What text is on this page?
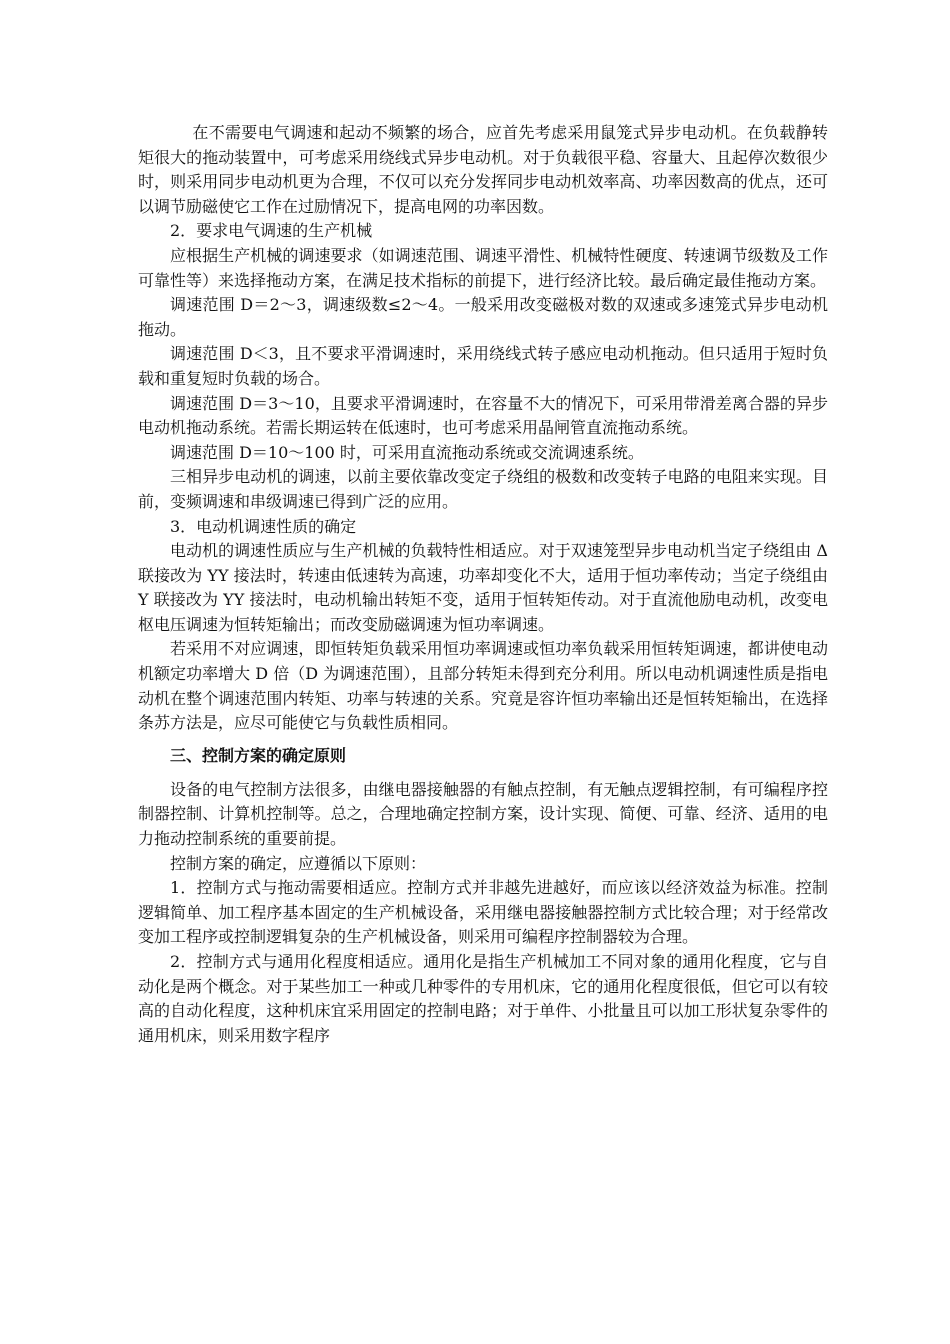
在不需要电气调速和起动不频繁的场合，应首先考虑采用鼠笼式异步电动机。在负载静转矩很大的拖动装置中，可考虑采用绕线式异步电动机。对于负载很平稳、容量大、且起停次数很少时，则采用同步电动机更为合理，不仅可以充分发挥同步电动机效率高、功率因数高的优点，还可以调节励磁使它工作在过励情况下，提高电网的功率因数。

2．要求电气调速的生产机械

应根据生产机械的调速要求（如调速范围、调速平滑性、机械特性硬度、转速调节级数及工作可靠性等）来选择拖动方案，在满足技术指标的前提下，进行经济比较。最后确定最佳拖动方案。

调速范围 D＝2～3，调速级数≤2～4。一般采用改变磁极对数的双速或多速笼式异步电动机拖动。

调速范围 D＜3，且不要求平滑调速时，采用绕线式转子感应电动机拖动。但只适用于短时负载和重复短时负载的场合。

调速范围 D＝3～10，且要求平滑调速时，在容量不大的情况下，可采用带滑差离合器的异步电动机拖动系统。若需长期运转在低速时，也可考虑采用晶闸管直流拖动系统。

调速范围 D＝10～100 时，可采用直流拖动系统或交流调速系统。

三相异步电动机的调速，以前主要依靠改变定子绕组的极数和改变转子电路的电阻来实现。目前，变频调速和串级调速已得到广泛的应用。

3．电动机调速性质的确定

电动机的调速性质应与生产机械的负载特性相适应。对于双速笼型异步电动机当定子绕组由 Δ 联接改为 YY 接法时，转速由低速转为高速，功率却变化不大，适用于恒功率传动；当定子绕组由 Y 联接改为 YY 接法时，电动机输出转矩不变，适用于恒转矩传动。对于直流他励电动机，改变电枢电压调速为恒转矩输出；而改变励磁调速为恒功率调速。

若采用不对应调速，即恒转矩负载采用恒功率调速或恒功率负载采用恒转矩调速，都讲使电动机额定功率增大 D 倍（D 为调速范围），且部分转矩未得到充分利用。所以电动机调速性质是指电动机在整个调速范围内转矩、功率与转速的关系。究竟是容许恒功率输出还是恒转矩输出，在选择条苏方法是，应尽可能使它与负载性质相同。

三、控制方案的确定原则

设备的电气控制方法很多，由继电器接触器的有触点控制，有无触点逻辑控制，有可编程序控制器控制、计算机控制等。总之，合理地确定控制方案，设计实现、简便、可靠、经济、适用的电力拖动控制系统的重要前提。

控制方案的确定，应遵循以下原则：

1．控制方式与拖动需要相适应。控制方式并非越先进越好，而应该以经济效益为标准。控制逻辑简单、加工程序基本固定的生产机械设备，采用继电器接触器控制方式比较合理；对于经常改变加工程序或控制逻辑复杂的生产机械设备，则采用可编程序控制器较为合理。

2．控制方式与通用化程度相适应。通用化是指生产机械加工不同对象的通用化程度，它与自动化是两个概念。对于某些加工一种或几种零件的专用机床，它的通用化程度很低，但它可以有较高的自动化程度，这种机床宜采用固定的控制电路；对于单件、小批量且可以加工形状复杂零件的通用机床，则采用数字程序
